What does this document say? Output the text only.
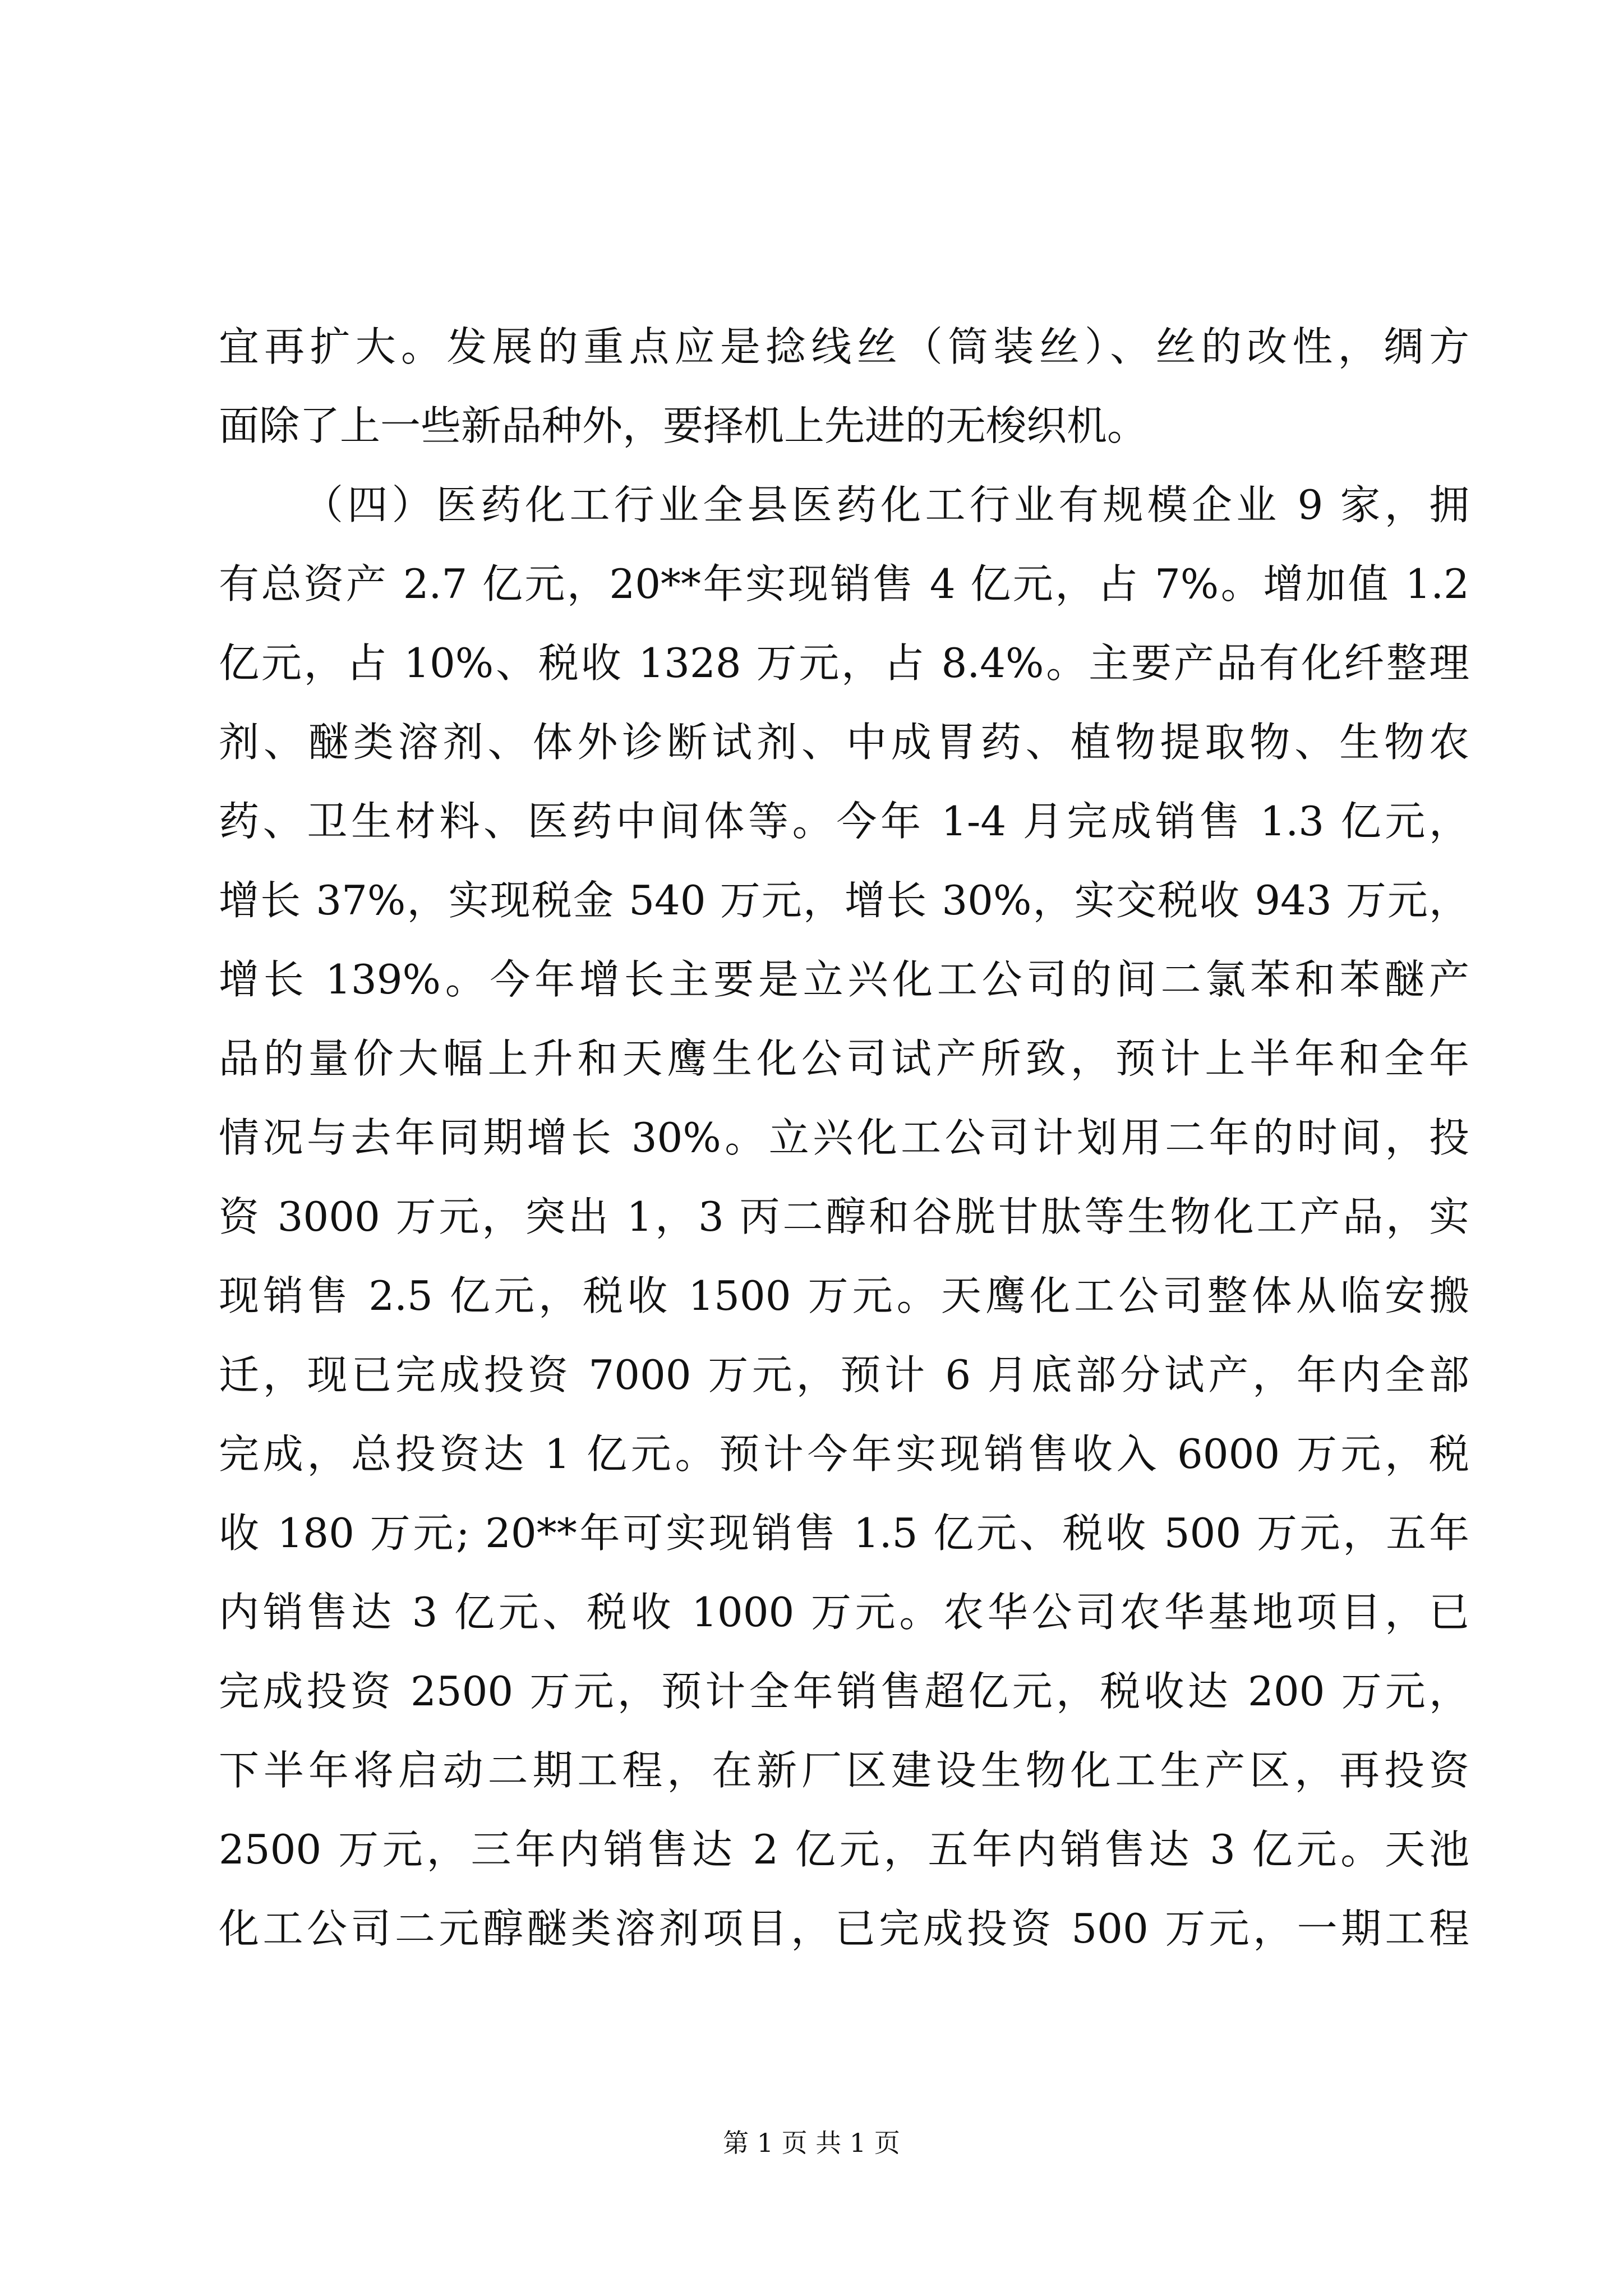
宜再扩大。发展的重点应是捻线丝（筒装丝）、丝的改性，绸方
面除了上一些新品种外，要择机上先进的无梭织机。
（四）医药化工行业全县医药化工行业有规模企业 9 家，拥
有总资产 2.7 亿元，20**年实现销售 4 亿元，占 7%。增加值 1.2
亿元，占 10%、税收 1328 万元，占 8.4%。主要产品有化纤整理
剂、醚类溶剂、体外诊断试剂、中成胃药、植物提取物、生物农
药、卫生材料、医药中间体等。今年 1-4 月完成销售 1.3 亿元，
增长 37%，实现税金 540 万元，增长 30%，实交税收 943 万元，
增长 139%。今年增长主要是立兴化工公司的间二氯苯和苯醚产
品的量价大幅上升和天鹰生化公司试产所致，预计上半年和全年
情况与去年同期增长 30%。立兴化工公司计划用二年的时间，投
资 3000 万元，突出 1，3 丙二醇和谷胱甘肽等生物化工产品，实
现销售 2.5 亿元，税收 1500 万元。天鹰化工公司整体从临安搬
迁，现已完成投资 7000 万元，预计 6 月底部分试产，年内全部
完成，总投资达 1 亿元。预计今年实现销售收入 6000 万元，税
收 180 万元; 20**年可实现销售 1.5 亿元、税收 500 万元，五年
内销售达 3 亿元、税收 1000 万元。农华公司农华基地项目，已
完成投资 2500 万元，预计全年销售超亿元，税收达 200 万元，
下半年将启动二期工程，在新厂区建设生物化工生产区，再投资
2500 万元，三年内销售达 2 亿元，五年内销售达 3 亿元。天池
化工公司二元醇醚类溶剂项目，已完成投资 500 万元，一期工程
第 1 页 共 1 页
